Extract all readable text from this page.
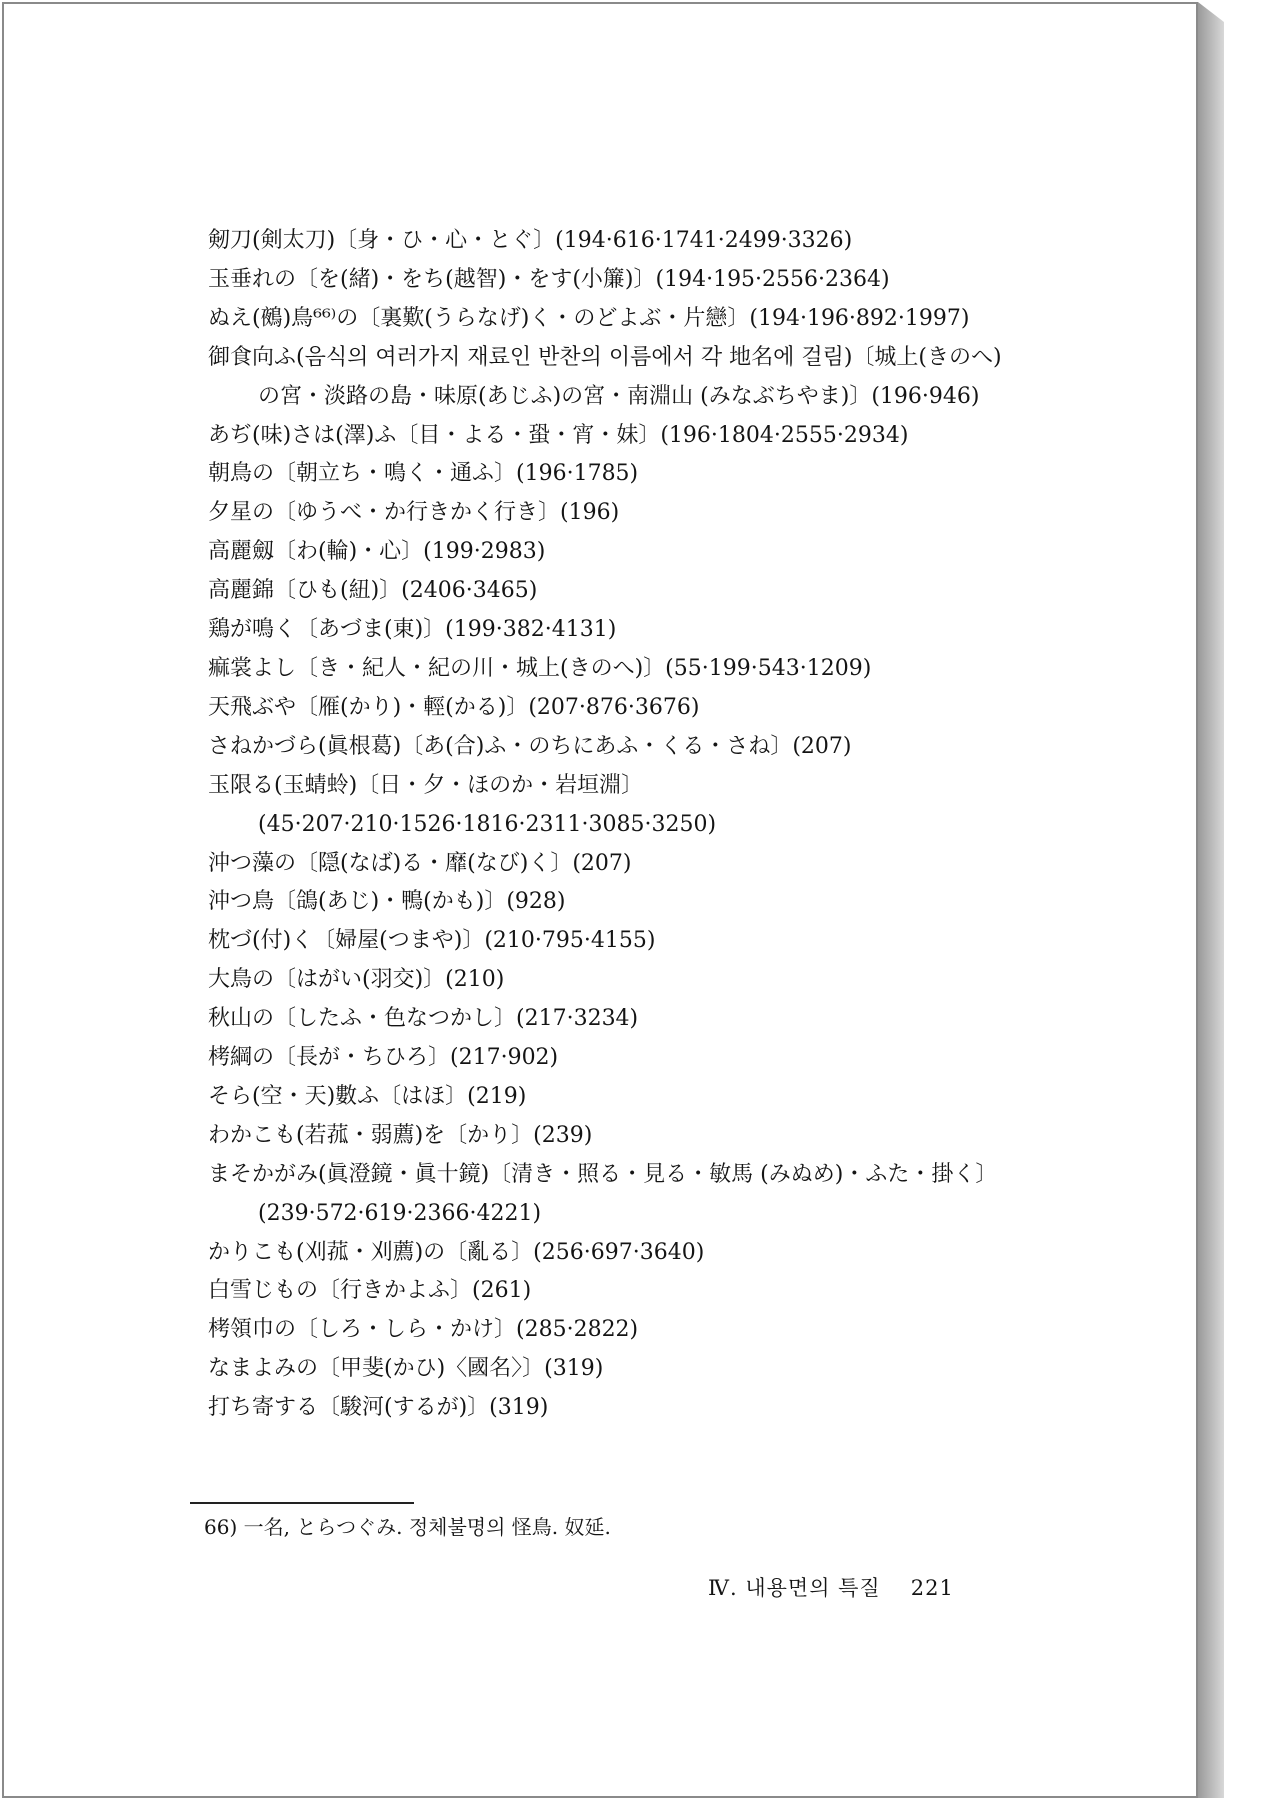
剱刀(剣太刀)〔身・ひ・心・とぐ〕(194·616·1741·2499·3326)
玉垂れの〔を(緒)・をち(越智)・をす(小簾)〕(194·195·2556·2364)
ぬえ(鵺)鳥⁶⁶⁾の〔裏歎(うらなげ)く・のどよぶ・片戀〕(194·196·892·1997)
御食向ふ(음식의 여러가지 재료인 반찬의 이름에서 각 地名에 걸림)〔城上(きのへ)の宮・淡路の島・味原(あじふ)の宮・南淵山 (みなぶちやま)〕(196·946)
あぢ(味)さは(澤)ふ〔目・よる・蛩・宵・妹〕(196·1804·2555·2934)
朝鳥の〔朝立ち・鳴く・通ふ〕(196·1785)
夕星の〔ゆうべ・か行きかく行き〕(196)
高麗劔〔わ(輪)・心〕(199·2983)
高麗錦〔ひも(紐)〕(2406·3465)
鶏が鳴く〔あづま(東)〕(199·382·4131)
痲裳よし〔き・紀人・紀の川・城上(きのへ)〕(55·199·543·1209)
天飛ぶや〔雁(かり)・輕(かる)〕(207·876·3676)
さねかづら(眞根葛)〔あ(合)ふ・のちにあふ・くる・さね〕(207)
玉限る(玉蜻蛉)〔日・夕・ほのか・岩垣淵〕 (45·207·210·1526·1816·2311·3085·3250)
沖つ藻の〔隠(なば)る・靡(なび)く〕(207)
沖つ鳥〔鴿(あじ)・鴨(かも)〕(928)
枕づ(付)く〔婦屋(つまや)〕(210·795·4155)
大鳥の〔はがい(羽交)〕(210)
秋山の〔したふ・色なつかし〕(217·3234)
栲綱の〔長が・ちひろ〕(217·902)
そら(空・天)數ふ〔はほ〕(219)
わかこも(若菰・弱薦)を〔かり〕(239)
まそかがみ(眞澄鏡・眞十鏡)〔清き・照る・見る・敏馬 (みぬめ)・ふた・掛く〕(239·572·619·2366·4221)
かりこも(刈菰・刈薦)の〔亂る〕(256·697·3640)
白雪じもの〔行きかよふ〕(261)
栲領巾の〔しろ・しら・かけ〕(285·2822)
なまよみの〔甲斐(かひ)〈國名〉〕(319)
打ち寄する〔駿河(するが)〕(319)
66) 一名, とらつぐみ. 정체불명의 怪鳥. 奴延.
Ⅳ. 내용면의 특질 221
